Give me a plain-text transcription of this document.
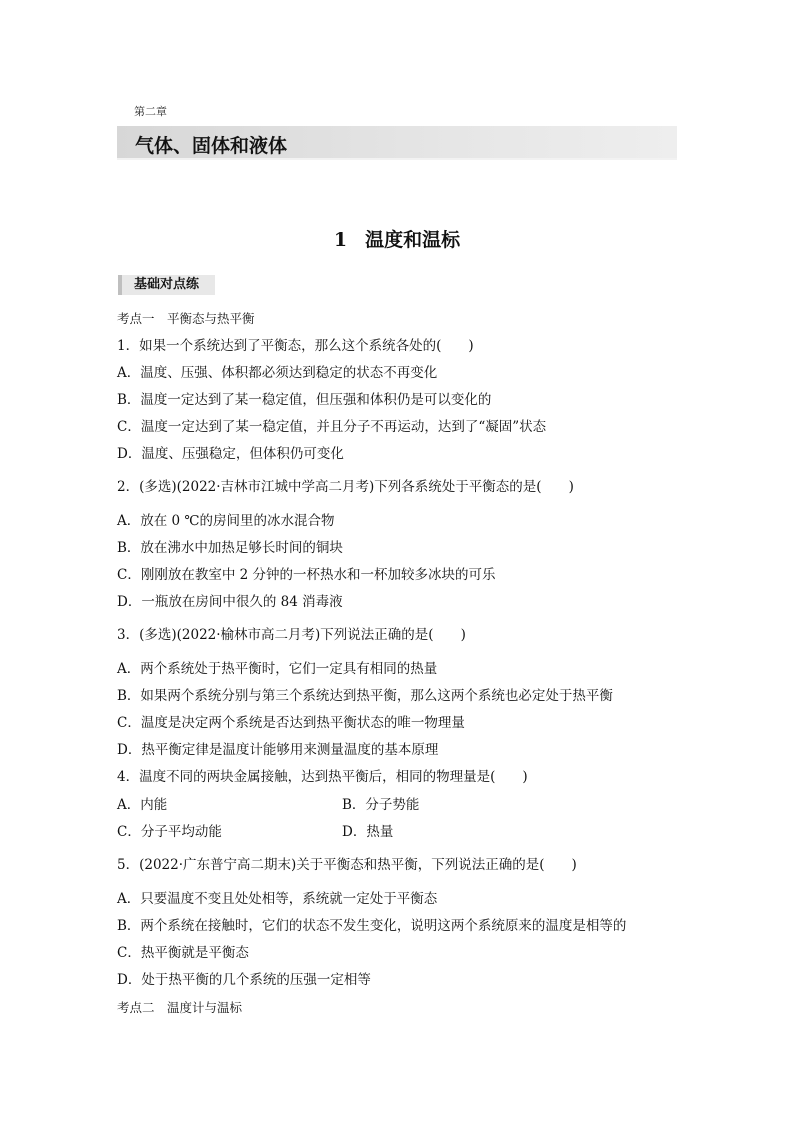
第二章
气体、固体和液体
1 温度和温标
基础对点练
考点一　平衡态与热平衡
1．如果一个系统达到了平衡态，那么这个系统各处的(　　)
A．温度、压强、体积都必须达到稳定的状态不再变化
B．温度一定达到了某一稳定值，但压强和体积仍是可以变化的
C．温度一定达到了某一稳定值，并且分子不再运动，达到了“凝固”状态
D．温度、压强稳定，但体积仍可变化
2．(多选)(2022·吉林市江城中学高二月考)下列各系统处于平衡态的是(　　)
A．放在 0 ℃的房间里的冰水混合物
B．放在沸水中加热足够长时间的铜块
C．刚刚放在教室中 2 分钟的一杯热水和一杯加较多冰块的可乐
D．一瓶放在房间中很久的 84 消毒液
3．(多选)(2022·榆林市高二月考)下列说法正确的是(　　)
A．两个系统处于热平衡时，它们一定具有相同的热量
B．如果两个系统分别与第三个系统达到热平衡，那么这两个系统也必定处于热平衡
C．温度是决定两个系统是否达到热平衡状态的唯一物理量
D．热平衡定律是温度计能够用来测量温度的基本原理
4．温度不同的两块金属接触，达到热平衡后，相同的物理量是(　　)
A．内能	B．分子势能
C．分子平均动能	D．热量
5．(2022·广东普宁高二期末)关于平衡态和热平衡，下列说法正确的是(　　)
A．只要温度不变且处处相等，系统就一定处于平衡态
B．两个系统在接触时，它们的状态不发生变化，说明这两个系统原来的温度是相等的
C．热平衡就是平衡态
D．处于热平衡的几个系统的压强一定相等
考点二　温度计与温标
